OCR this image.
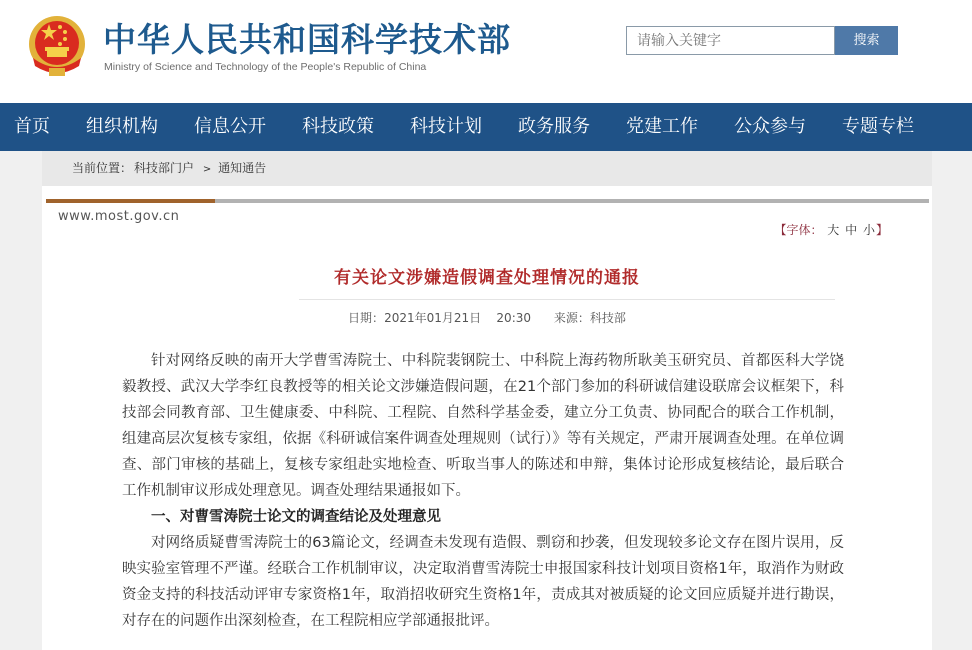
中华人民共和国科学技术部
Ministry of Science and Technology of the People's Republic of China
请输入关键字
搜索
首页 组织机构 信息公开 科技政策 科技计划 政务服务 党建工作 公众参与 专题专栏
当前位置： 科技部门户 > 通知通告
www.most.gov.cn
【字体： 大 中 小】
有关论文涉嫌造假调查处理情况的通报
日期：2021年01月21日 20:30 来源：科技部

针对网络反映的南开大学曹雪涛院士、中科院裴钢院士、中科院上海药物所耿美玉研究员、首都医科大学饶毅教授、武汉大学李红良教授等的相关论文涉嫌造假问题，在21个部门参加的科研诚信建设联席会议框架下，科技部会同教育部、卫生健康委、中科院、工程院、自然科学基金委，建立分工负责、协同配合的联合工作机制，组建高层次复核专家组，依据《科研诚信案件调查处理规则（试行）》等有关规定，严肃开展调查处理。在单位调查、部门审核的基础上，复核专家组赴实地检查、听取当事人的陈述和申辩，集体讨论形成复核结论，最后联合工作机制审议形成处理意见。调查处理结果通报如下。

一、对曹雪涛院士论文的调查结论及处理意见

对网络质疑曹雪涛院士的63篇论文，经调查未发现有造假、剽窃和抄袭，但发现较多论文存在图片误用，反映实验室管理不严谨。经联合工作机制审议，决定取消曹雪涛院士申报国家科技计划项目资格1年，取消作为财政资金支持的科技活动评审专家资格1年，取消招收研究生资格1年，责成其对被质疑的论文回应质疑并进行勘误，对存在的问题作出深刻检查，在工程院相应学部通报批评。
